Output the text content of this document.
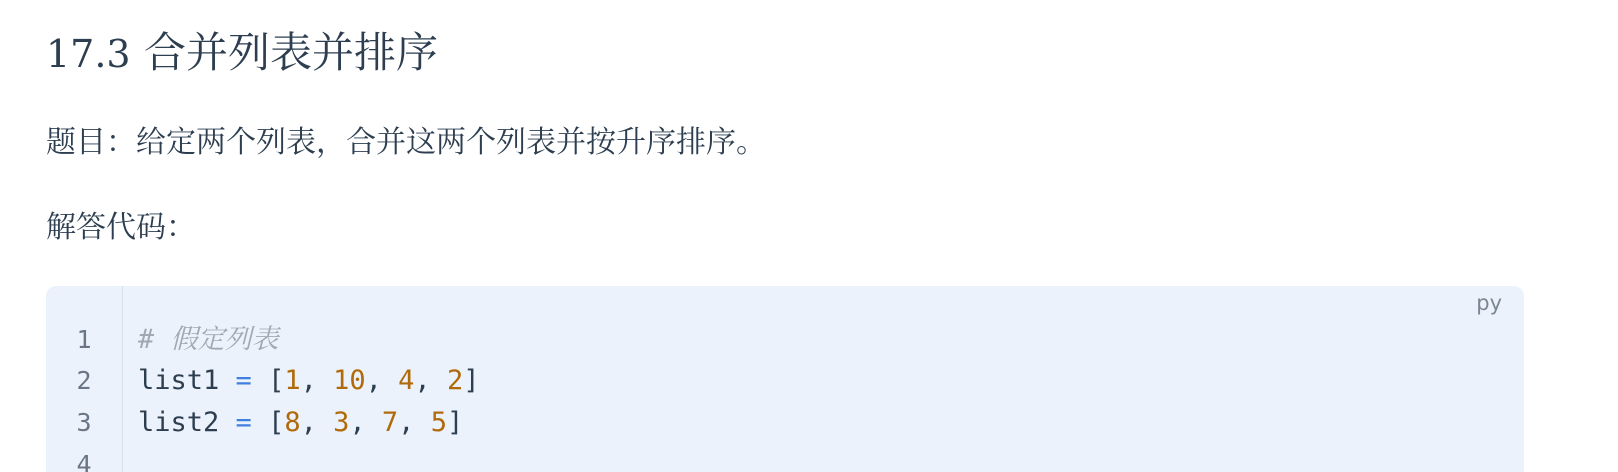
17.3 合并列表并排序

题目：给定两个列表，合并这两个列表并按升序排序。

解答代码：

1
2
3
4
py
# 假定列表
list1 = [1, 10, 4, 2]
list2 = [8, 3, 7, 5]
